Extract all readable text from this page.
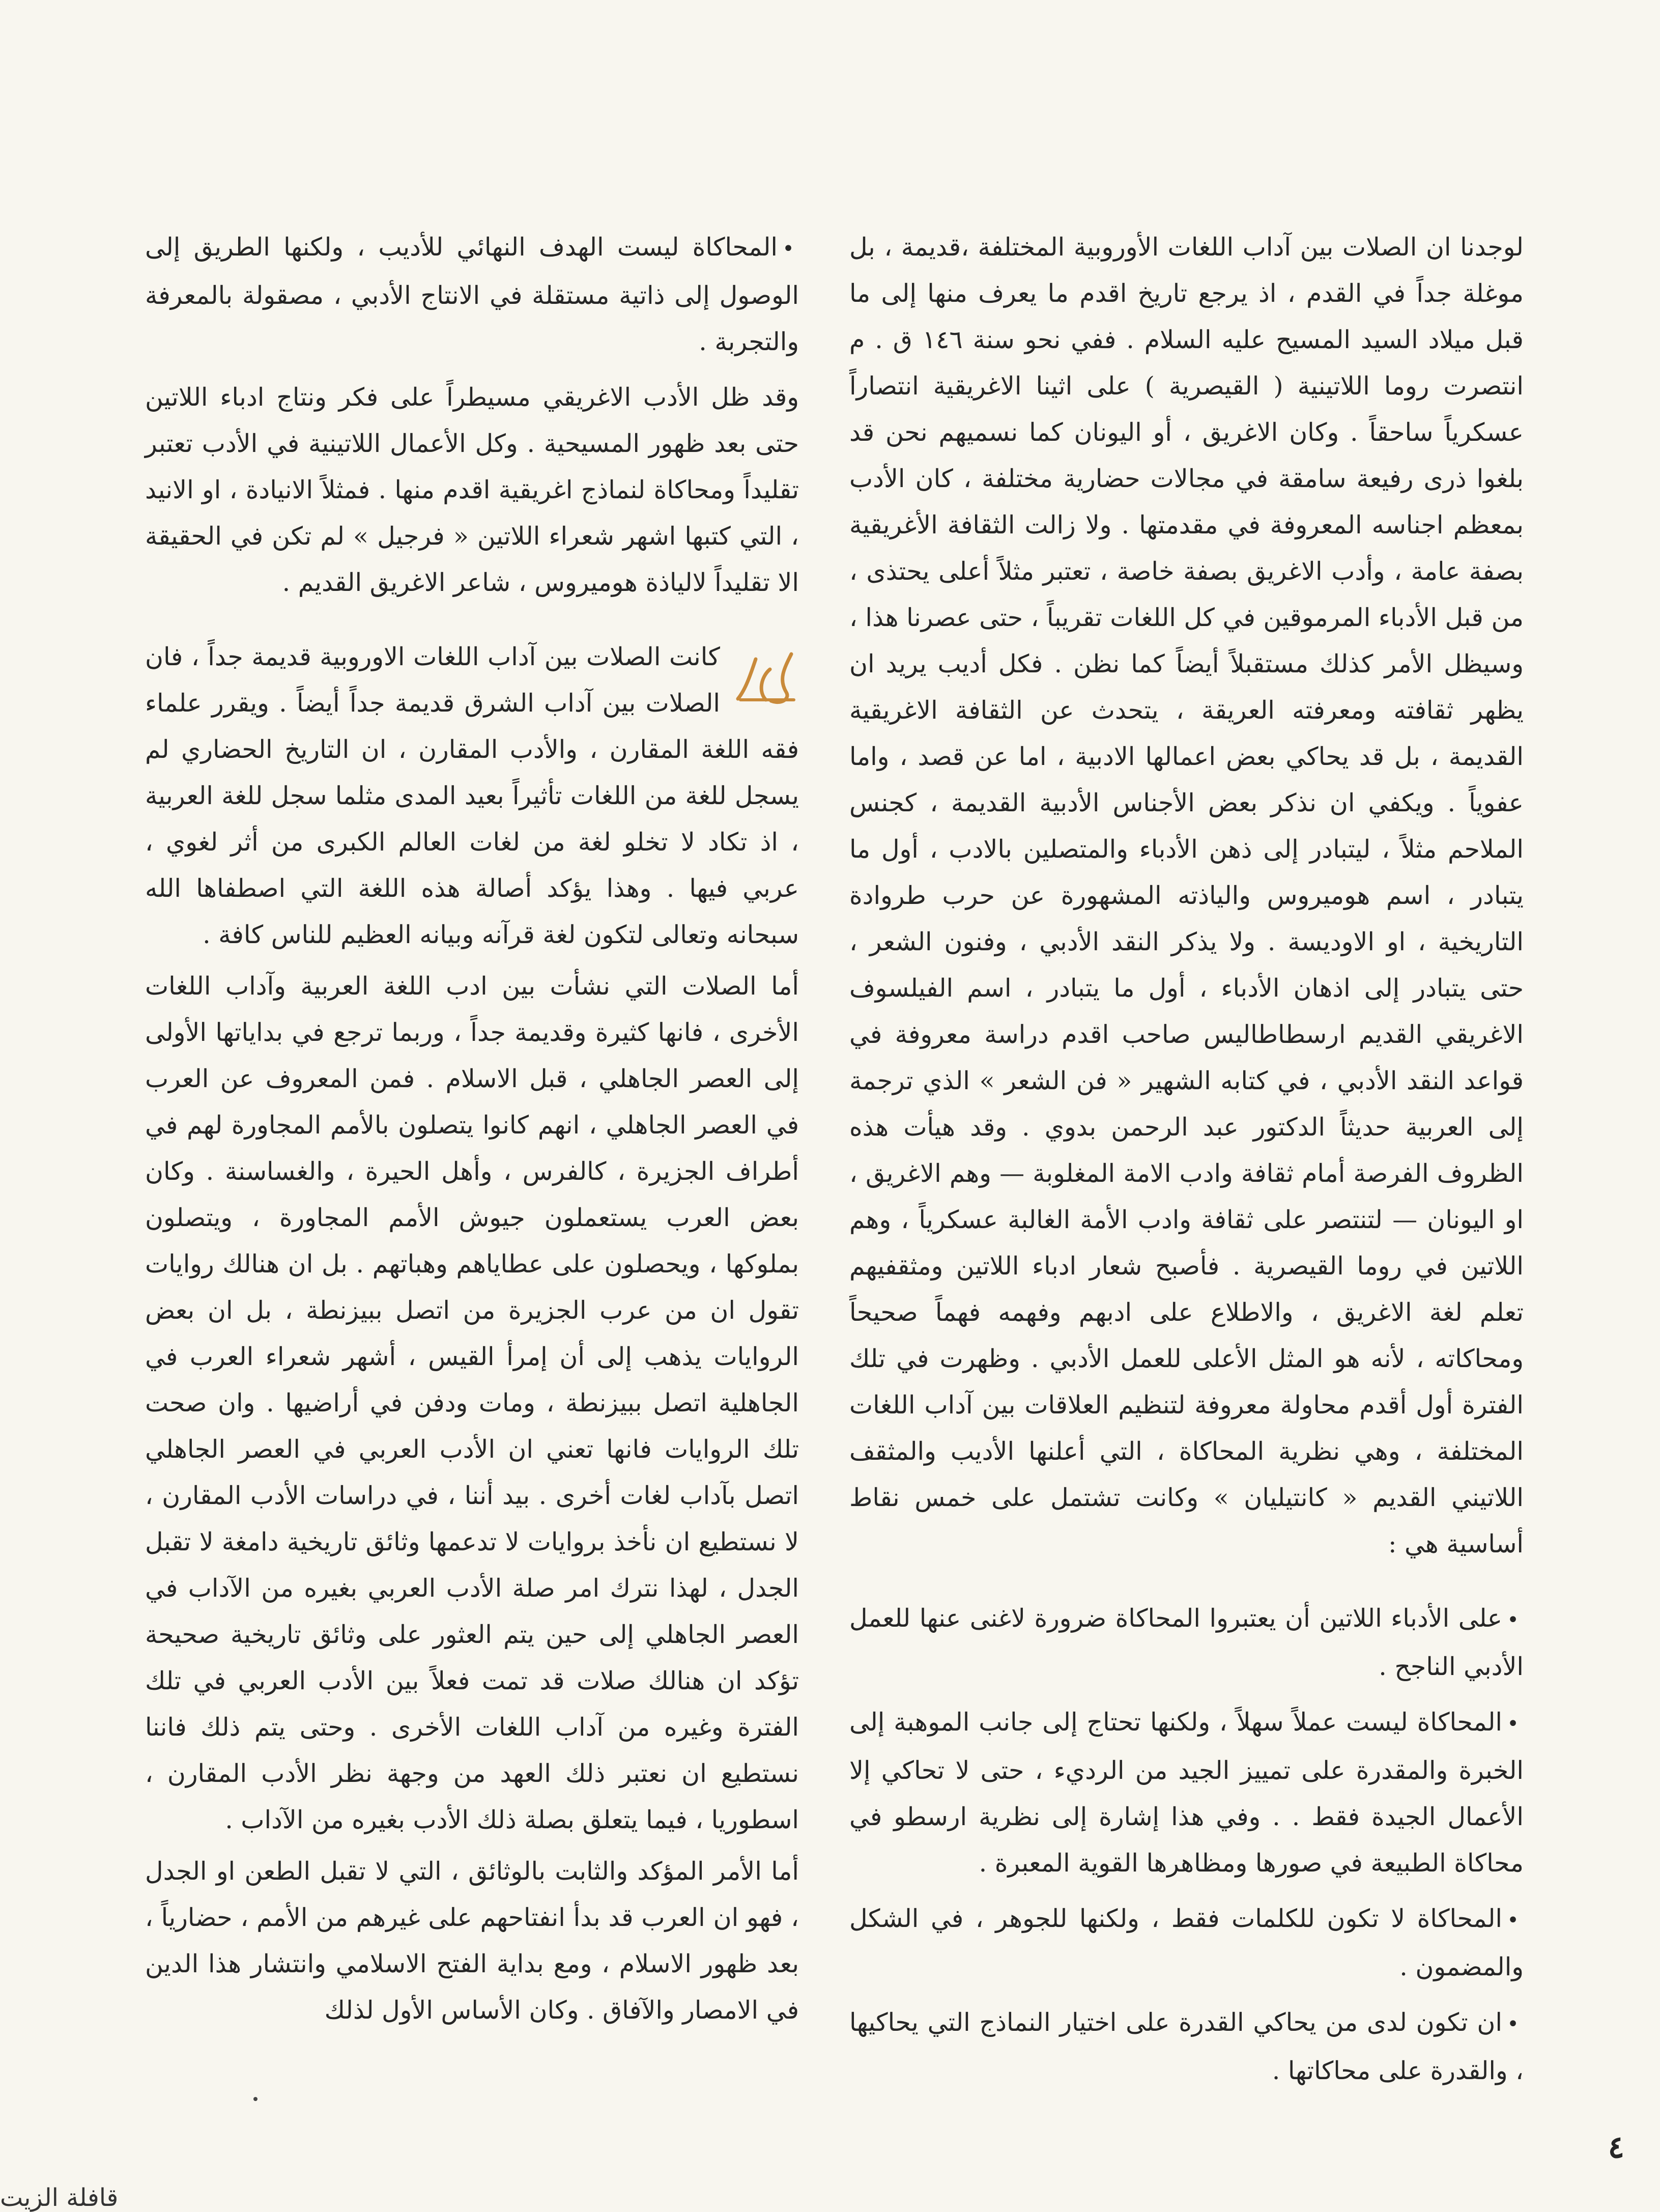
لوجدنا ان الصلات بين آداب اللغات الأوروبية المختلفة ،قديمة ، بل موغلة جداً في القدم ، اذ يرجع تاريخ اقدم ما يعرف منها إلى ما قبل ميلاد السيد المسيح عليه السلام . ففي نحو سنة ١٤٦ ق . م انتصرت روما اللاتينية ( القيصرية ) على اثينا الاغريقية انتصاراً عسكرياً ساحقاً . وكان الاغريق ، أو اليونان كما نسميهم نحن قد بلغوا ذرى رفيعة سامقة في مجالات حضارية مختلفة ، كان الأدب بمعظم اجناسه المعروفة في مقدمتها . ولا زالت الثقافة الأغريقية بصفة عامة ، وأدب الاغريق بصفة خاصة ، تعتبر مثلاً أعلى يحتذى ، من قبل الأدباء المرموقين في كل اللغات تقريباً ، حتى عصرنا هذا ، وسيظل الأمر كذلك مستقبلاً أيضاً كما نظن . فكل أديب يريد ان يظهر ثقافته ومعرفته العريقة ، يتحدث عن الثقافة الاغريقية القديمة ، بل قد يحاكي بعض اعمالها الادبية ، اما عن قصد ، واما عفوياً . ويكفي ان نذكر بعض الأجناس الأدبية القديمة ، كجنس الملاحم مثلاً ، ليتبادر إلى ذهن الأدباء والمتصلين بالادب ، أول ما يتبادر ، اسم هوميروس والياذته المشهورة عن حرب طروادة التاريخية ، او الاوديسة . ولا يذكر النقد الأدبي ، وفنون الشعر ، حتى يتبادر إلى اذهان الأدباء ، أول ما يتبادر ، اسم الفيلسوف الاغريقي القديم ارسطاطاليس صاحب اقدم دراسة معروفة في قواعد النقد الأدبي ، في كتابه الشهير « فن الشعر » الذي ترجمة إلى العربية حديثاً الدكتور عبد الرحمن بدوي . وقد هيأت هذه الظروف الفرصة أمام ثقافة وادب الامة المغلوبة — وهم الاغريق ، او اليونان — لتنتصر على ثقافة وادب الأمة الغالبة عسكرياً ، وهم اللاتين في روما القيصرية . فأصبح شعار ادباء اللاتين ومثقفيهم تعلم لغة الاغريق ، والاطلاع على ادبهم وفهمه فهماً صحيحاً ومحاكاته ، لأنه هو المثل الأعلى للعمل الأدبي . وظهرت في تلك الفترة أول أقدم محاولة معروفة لتنظيم العلاقات بين آداب اللغات المختلفة ، وهي نظرية المحاكاة ، التي أعلنها الأديب والمثقف اللاتيني القديم « كانتيليان » وكانت تشتمل على خمس نقاط أساسية هي :

•على الأدباء اللاتين أن يعتبروا المحاكاة ضرورة لاغنى عنها للعمل الأدبي الناجح .

•المحاكاة ليست عملاً سهلاً ، ولكنها تحتاج إلى جانب الموهبة إلى الخبرة والمقدرة على تمييز الجيد من الرديء ، حتى لا تحاكي إلا الأعمال الجيدة فقط . . وفي هذا إشارة إلى نظرية ارسطو في محاكاة الطبيعة في صورها ومظاهرها القوية المعبرة .

•المحاكاة لا تكون للكلمات فقط ، ولكنها للجوهر ، في الشكل والمضمون .

•ان تكون لدى من يحاكي القدرة على اختيار النماذج التي يحاكيها ، والقدرة على محاكاتها .

•المحاكاة ليست الهدف النهائي للأديب ، ولكنها الطريق إلى الوصول إلى ذاتية مستقلة في الانتاج الأدبي ، مصقولة بالمعرفة والتجربة .

وقد ظل الأدب الاغريقي مسيطراً على فكر ونتاج ادباء اللاتين حتى بعد ظهور المسيحية . وكل الأعمال اللاتينية في الأدب تعتبر تقليداً ومحاكاة لنماذج اغريقية اقدم منها . فمثلاً الانيادة ، او الانيد ، التي كتبها اشهر شعراء اللاتين « فرجيل » لم تكن في الحقيقة الا تقليداً لالياذة هوميروس ، شاعر الاغريق القديم .

كانت الصلات بين آداب اللغات الاوروبية قديمة جداً ، فان الصلات بين آداب الشرق قديمة جداً أيضاً . ويقرر علماء فقه اللغة المقارن ، والأدب المقارن ، ان التاريخ الحضاري لم يسجل للغة من اللغات تأثيراً بعيد المدى مثلما سجل للغة العربية ، اذ تكاد لا تخلو لغة من لغات العالم الكبرى من أثر لغوي ، عربي فيها . وهذا يؤكد أصالة هذه اللغة التي اصطفاها الله سبحانه وتعالى لتكون لغة قرآنه وبيانه العظيم للناس كافة .

أما الصلات التي نشأت بين ادب اللغة العربية وآداب اللغات الأخرى ، فانها كثيرة وقديمة جداً ، وربما ترجع في بداياتها الأولى إلى العصر الجاهلي ، قبل الاسلام . فمن المعروف عن العرب في العصر الجاهلي ، انهم كانوا يتصلون بالأمم المجاورة لهم في أطراف الجزيرة ، كالفرس ، وأهل الحيرة ، والغساسنة . وكان بعض العرب يستعملون جيوش الأمم المجاورة ، ويتصلون بملوكها ، ويحصلون على عطاياهم وهباتهم . بل ان هنالك روايات تقول ان من عرب الجزيرة من اتصل ببيزنطة ، بل ان بعض الروايات يذهب إلى أن إمرأ القيس ، أشهر شعراء العرب في الجاهلية اتصل ببيزنطة ، ومات ودفن في أراضيها . وان صحت تلك الروايات فانها تعني ان الأدب العربي في العصر الجاهلي اتصل بآداب لغات أخرى . بيد أننا ، في دراسات الأدب المقارن ، لا نستطيع ان نأخذ بروايات لا تدعمها وثائق تاريخية دامغة لا تقبل الجدل ، لهذا نترك امر صلة الأدب العربي بغيره من الآداب في العصر الجاهلي إلى حين يتم العثور على وثائق تاريخية صحيحة تؤكد ان هنالك صلات قد تمت فعلاً بين الأدب العربي في تلك الفترة وغيره من آداب اللغات الأخرى . وحتى يتم ذلك فاننا نستطيع ان نعتبر ذلك العهد من وجهة نظر الأدب المقارن ، اسطوريا ، فيما يتعلق بصلة ذلك الأدب بغيره من الآداب .

أما الأمر المؤكد والثابت بالوثائق ، التي لا تقبل الطعن او الجدل ، فهو ان العرب قد بدأ انفتاحهم على غيرهم من الأمم ، حضارياً ، بعد ظهور الاسلام ، ومع بداية الفتح الاسلامي وانتشار هذا الدين في الامصار والآفاق . وكان الأساس الأول لذلك

٤
قافلة الزيت
